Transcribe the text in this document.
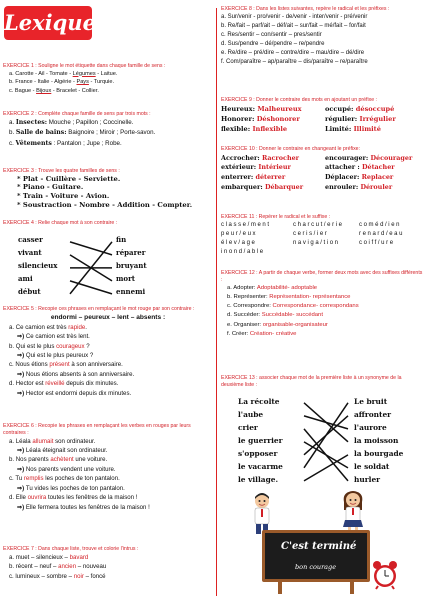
Lexique
EXERCICE 1 : Souligne le mot étiquette dans chaque famille de sens :
a. Carotte - Ail - Tomate - Légumes - Laitue.
b. France - Italie - Algérie - Pays - Turquie.
c. Bague - Bijoux - Bracelet - Collier.
EXERCICE 2 : Complète chaque famille de sens par trois mots :
a. Insectes: Mouche ; Papillon ; Coccinelle.
b. Salle de bains: Baignoire ; Miroir ; Porte-savon.
c. Vêtements : Pantalon ; Jupe ; Robe.
EXERCICE 3 : Trouve les quatre familles de sens :
* Plat - Cuillère - Serviette.
* Piano - Guitare.
* Train - Voiture - Avion.
* Soustraction - Nombre - Addition - Compter.
EXERCICE 4 : Relie chaque mot à son contraire :
casser
vivant
silencieux
ami
début
fin
réparer
bruyant
mort
ennemi
EXERCICE 5 : Recopie ces phrases en remplaçant le mot rouge par son contraire :
endormi – peureux – lent – absents :
a. Ce camion est très rapide.
⇒) Ce camion est très lent.
b. Qui est le plus courageux ?
⇒) Qui est le plus peureux ?
c. Nous étions présent à son anniversaire.
⇒) Nous étions absents à son anniversaire.
d. Hector est réveillé depuis dix minutes.
⇒) Hector est endormi depuis dix minutes.
EXERCICE 6 : Recopie les phrases en remplaçant les verbes en rouges par leurs contraires :
a. Léala allumait son ordinateur.
⇒) Léala éteignait son ordinateur.
b. Nos parents achètent une voiture.
⇒) Nos parents vendent une voiture.
c. Tu remplis les poches de ton pantalon.
⇒) Tu vides les poches de ton pantalon.
d. Elle ouvrira toutes les fenêtres de la maison !
⇒) Elle fermera toutes les fenêtres de la maison !
EXERCICE 7 : Dans chaque liste, trouve et colorie l'intrus :
a. muet – silencieux – bavard
b. récent – neuf – ancien – nouveau
c. lumineux – sombre – noir – foncé
EXERCICE 8 : Dans les listes suivantes, repère le radical et les préfixes :
a. Sur/venir - pro/venir - de/venir - inter/venir - pré/venir
b. Re/fait – parf/ait – déf/ait – sur/fait – mé/fait – for/fait
c. Res/sentir – con/sentir – pres/sentir
d. Sus/pendre – dé/pendre – re/pendre
e. Re/dire – pré/dire – contre/dire – mau/dire – dé/dire
f. Com/paraître – ap/paraître – dis/paraître – re/paraître
EXERCICE 9 : Donner le contraire des mots en ajoutant un préfixe :
Heureux: Malheureux	occupé: désoccupé
Honorer: Déshonorer	régulier: Irrégulier
flexible: Inflexible	Limité: Illimité
EXERCICE 10 : Donner le contraire en changeant le préfixe:
Accrocher: Racrocher	encourager: Décourager
extérieur: Intérieur	attacher : Détacher
enterrer: déterrer	Déplacer: Replacer
embarquer: Débarquer	enrouler: Dérouler
EXERCICE 11 : Repérer le radical et le suffixe :
classe/ment	charcut/erie	coméd/ien
peur/eux	ceris/ier	renard/eau
élev/age	naviga/tion	coiff/ure
inond/able
EXERCICE 12 : A partir de chaque verbe, former deux mots avec des suffixes différents :
a. Adopter: Adoptabilité- adoptable
b. Représenter: Représentation- représentance
c. Correspondre: Correspondance- correspondans
d. Succéder: Succédable- succédant
e. Organiser: organisable-organisateur
f. Créer: Création- créative
EXERCICE 13 : associer chaque mot de la première liste à un synonyme de la deuxième liste :
La récolte
l'aube
crier
le guerrier
s'opposer
le vacarme
le village.
Le bruit
affronter
l'aurore
la moisson
la bourgade
le soldat
hurler
C'est terminé
bon courage
